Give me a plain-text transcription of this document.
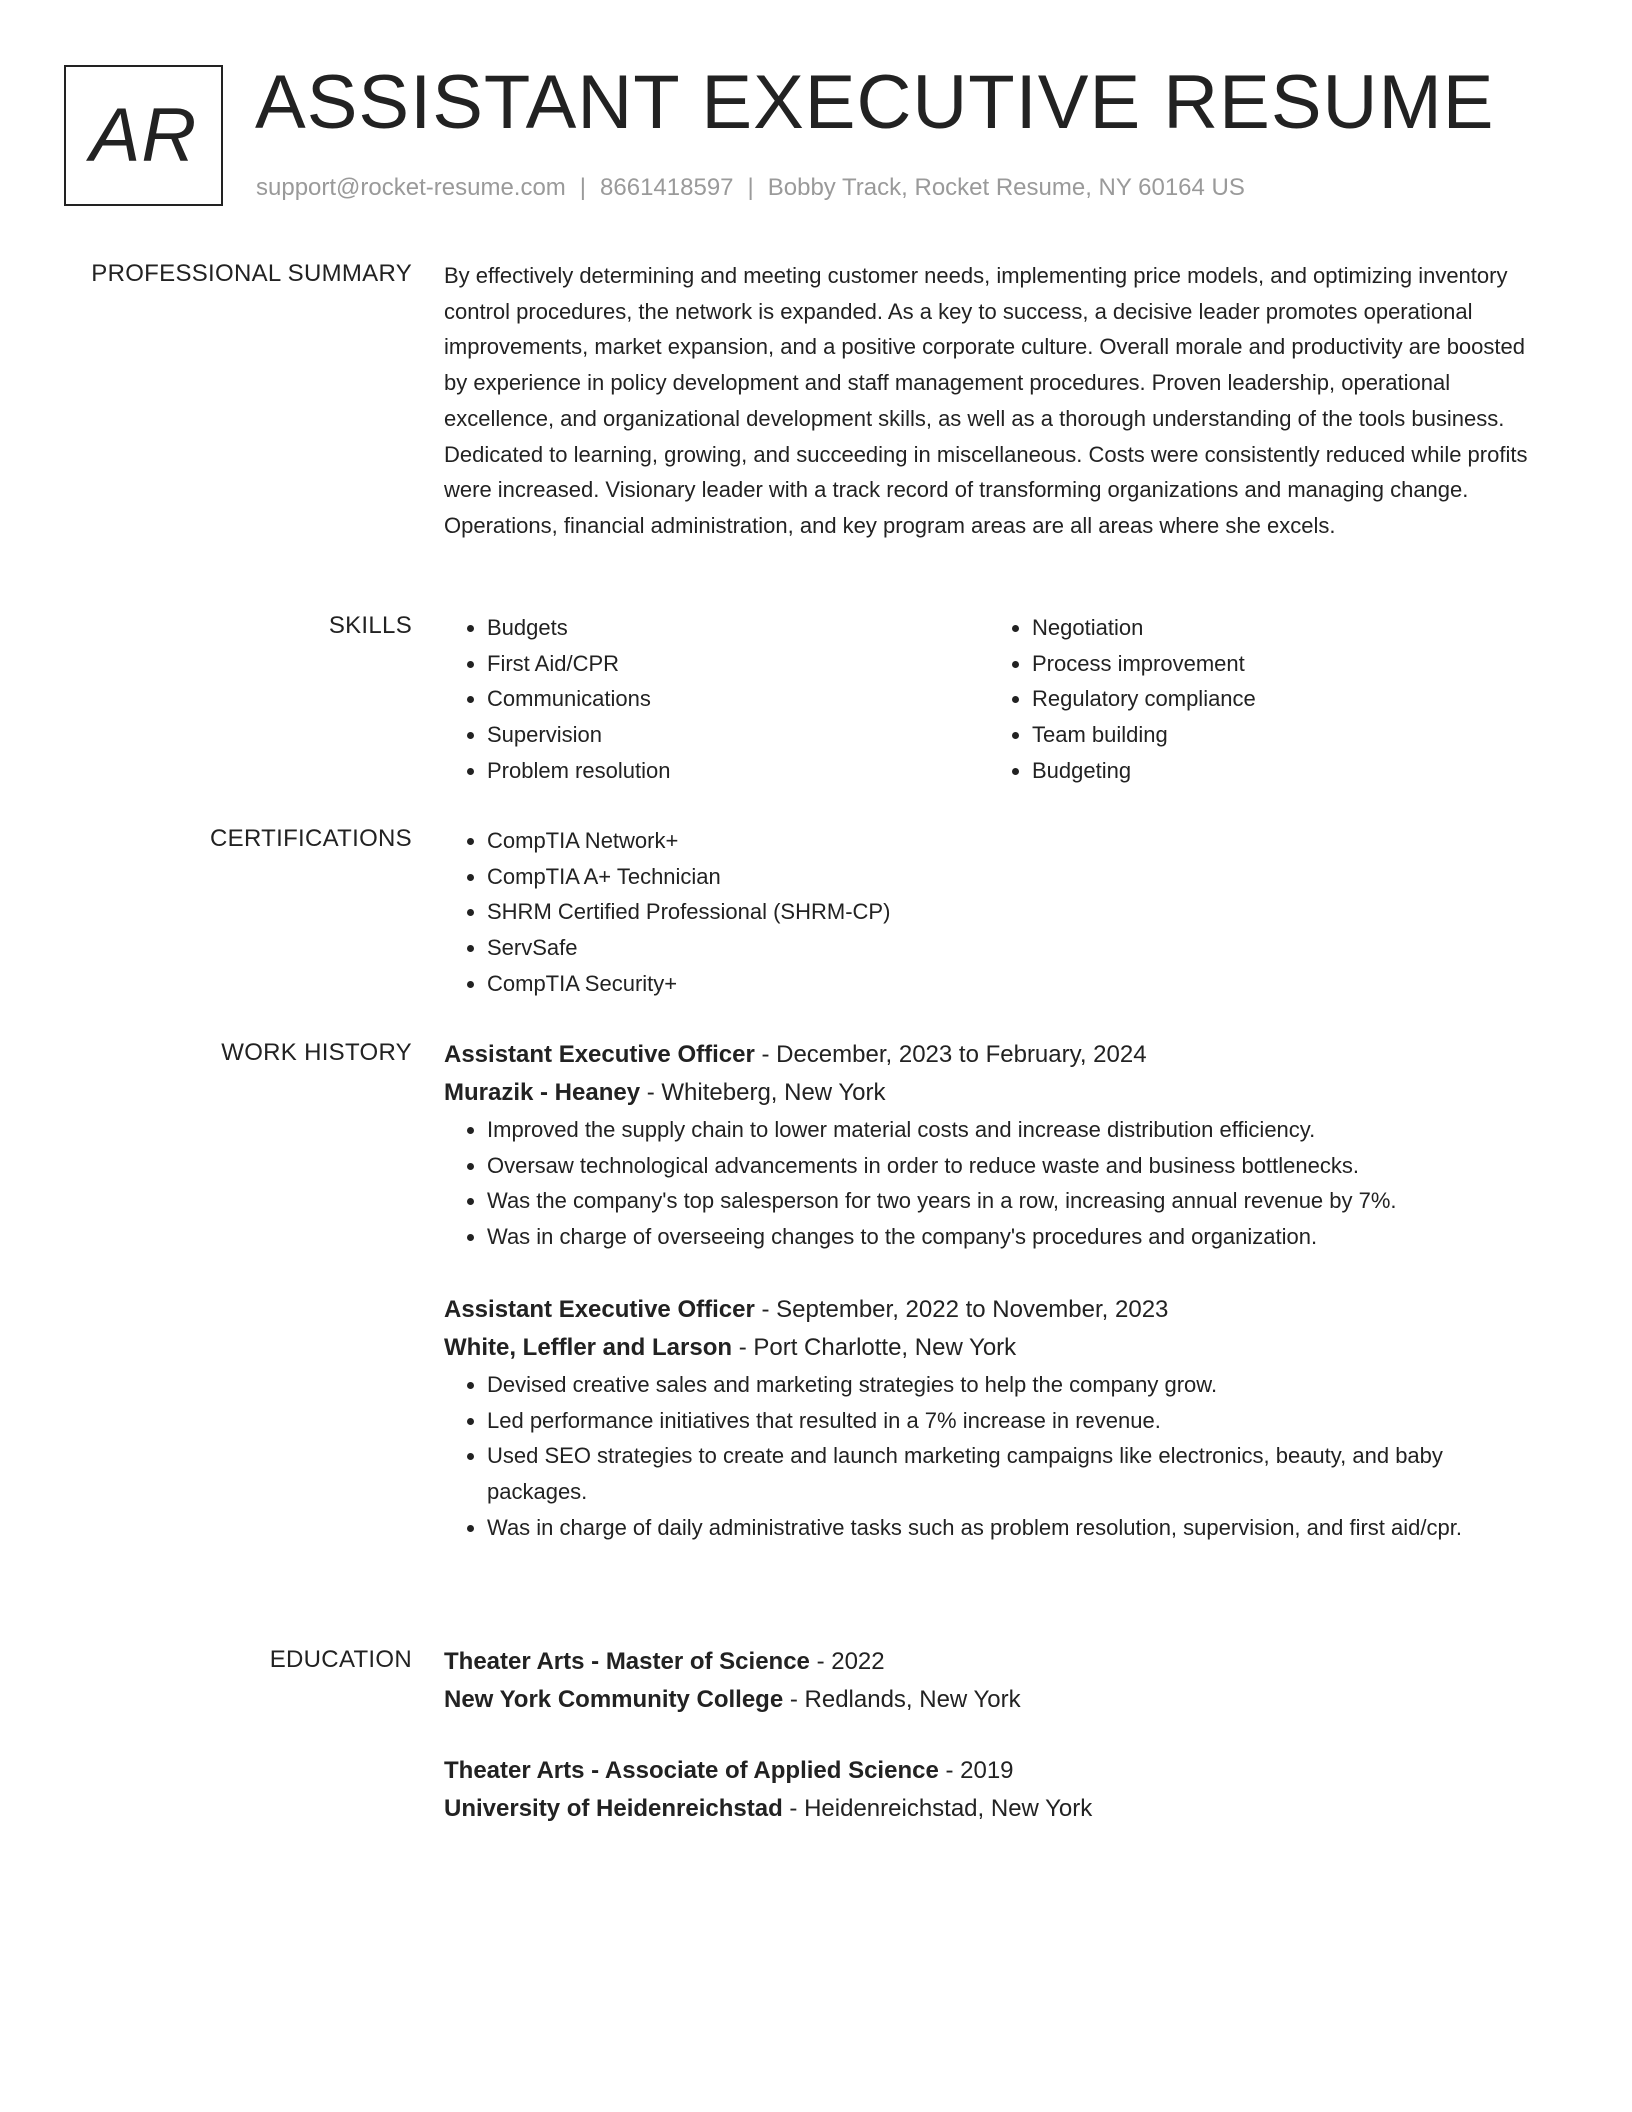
AR ASSISTANT EXECUTIVE RESUME
support@rocket-resume.com | 8661418597 | Bobby Track, Rocket Resume, NY 60164 US
PROFESSIONAL SUMMARY By effectively determining and meeting customer needs, implementing price models, and optimizing inventory control procedures, the network is expanded. As a key to success, a decisive leader promotes operational improvements, market expansion, and a positive corporate culture. Overall morale and productivity are boosted by experience in policy development and staff management procedures. Proven leadership, operational excellence, and organizational development skills, as well as a thorough understanding of the tools business. Dedicated to learning, growing, and succeeding in miscellaneous. Costs were consistently reduced while profits were increased. Visionary leader with a track record of transforming organizations and managing change. Operations, financial administration, and key program areas are all areas where she excels.
SKILLS	• Budgets
• First Aid/CPR
• Communications
• Supervision
• Problem resolution
• Negotiation
• Process improvement
• Regulatory compliance
• Team building
• Budgeting
CERTIFICATIONS	• CompTIA Network+
• CompTIA A+ Technician
• SHRM Certified Professional (SHRM-CP)
• ServSafe
• CompTIA Security+
WORK HISTORY Assistant Executive Officer - December, 2023 to February, 2024
Murazik - Heaney - Whiteberg, New York
• Improved the supply chain to lower material costs and increase distribution efficiency.
• Oversaw technological advancements in order to reduce waste and business bottlenecks.
• Was the company's top salesperson for two years in a row, increasing annual revenue by 7%.
• Was in charge of overseeing changes to the company's procedures and organization.
Assistant Executive Officer - September, 2022 to November, 2023
White, Leffler and Larson - Port Charlotte, New York
• Devised creative sales and marketing strategies to help the company grow.
• Led performance initiatives that resulted in a 7% increase in revenue.
• Used SEO strategies to create and launch marketing campaigns like electronics, beauty, and baby packages.
• Was in charge of daily administrative tasks such as problem resolution, supervision, and first aid/cpr.
EDUCATION Theater Arts - Master of Science - 2022
New York Community College - Redlands, New York
Theater Arts - Associate of Applied Science - 2019
University of Heidenreichstad - Heidenreichstad, New York
